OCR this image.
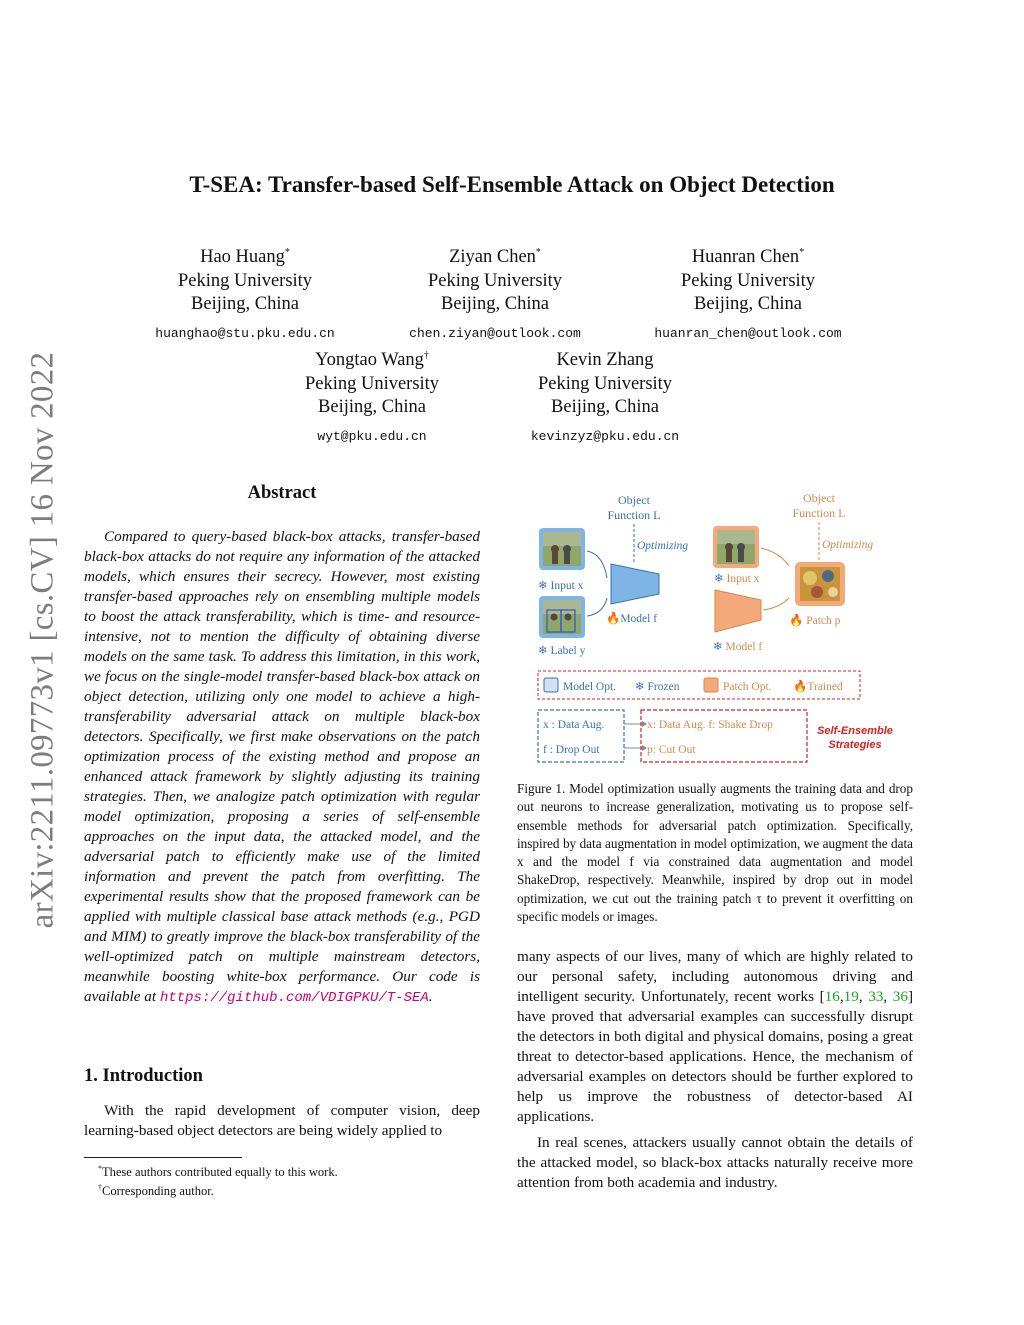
arXiv:2211.09773v1 [cs.CV] 16 Nov 2022
T-SEA: Transfer-based Self-Ensemble Attack on Object Detection
Hao Huang*
Peking University
Beijing, China
huanghao@stu.pku.edu.cn
Ziyan Chen*
Peking University
Beijing, China
chen.ziyan@outlook.com
Huanran Chen*
Peking University
Beijing, China
huanran_chen@outlook.com
Yongtao Wang†
Peking University
Beijing, China
wyt@pku.edu.cn
Kevin Zhang
Peking University
Beijing, China
kevinzyz@pku.edu.cn
Abstract
Compared to query-based black-box attacks, transfer-based black-box attacks do not require any information of the attacked models, which ensures their secrecy. However, most existing transfer-based approaches rely on ensembling multiple models to boost the attack transferability, which is time- and resource-intensive, not to mention the difficulty of obtaining diverse models on the same task. To address this limitation, in this work, we focus on the single-model transfer-based black-box attack on object detection, utilizing only one model to achieve a high-transferability adversarial attack on multiple black-box detectors. Specifically, we first make observations on the patch optimization process of the existing method and propose an enhanced attack framework by slightly adjusting its training strategies. Then, we analogize patch optimization with regular model optimization, proposing a series of self-ensemble approaches on the input data, the attacked model, and the adversarial patch to efficiently make use of the limited information and prevent the patch from overfitting. The experimental results show that the proposed framework can be applied with multiple classical base attack methods (e.g., PGD and MIM) to greatly improve the black-box transferability of the well-optimized patch on multiple mainstream detectors, meanwhile boosting white-box performance. Our code is available at https://github.com/VDIGPKU/T-SEA.
1. Introduction
With the rapid development of computer vision, deep learning-based object detectors are being widely applied to

*These authors contributed equally to this work.

†Corresponding author.

Object
Function L
Optimizing
❄ Input x
❄ Label y
🔥Model f
Object
Function L
Optimizing
❄ Input x
🔥 Patch p
❄ Model f
Model Opt. ❄ Frozen	Patch Opt. 🔥Trained
x : Data Aug.
f : Drop Out
x: Data Aug. f: Shake Drop
p: Cut Out
Self-Ensemble
Strategies
Figure 1. Model optimization usually augments the training data and drop out neurons to increase generalization, motivating us to propose self-ensemble methods for adversarial patch optimization. Specifically, inspired by data augmentation in model optimization, we augment the data x and the model f via constrained data augmentation and model ShakeDrop, respectively. Meanwhile, inspired by drop out in model optimization, we cut out the training patch τ to prevent it overfitting on specific models or images.

many aspects of our lives, many of which are highly related to our personal safety, including autonomous driving and intelligent security. Unfortunately, recent works [16,19, 33, 36] have proved that adversarial examples can successfully disrupt the detectors in both digital and physical domains, posing a great threat to detector-based applications. Hence, the mechanism of adversarial examples on detectors should be further explored to help us improve the robustness of detector-based AI applications.

In real scenes, attackers usually cannot obtain the details of the attacked model, so black-box attacks naturally receive more attention from both academia and industry.
